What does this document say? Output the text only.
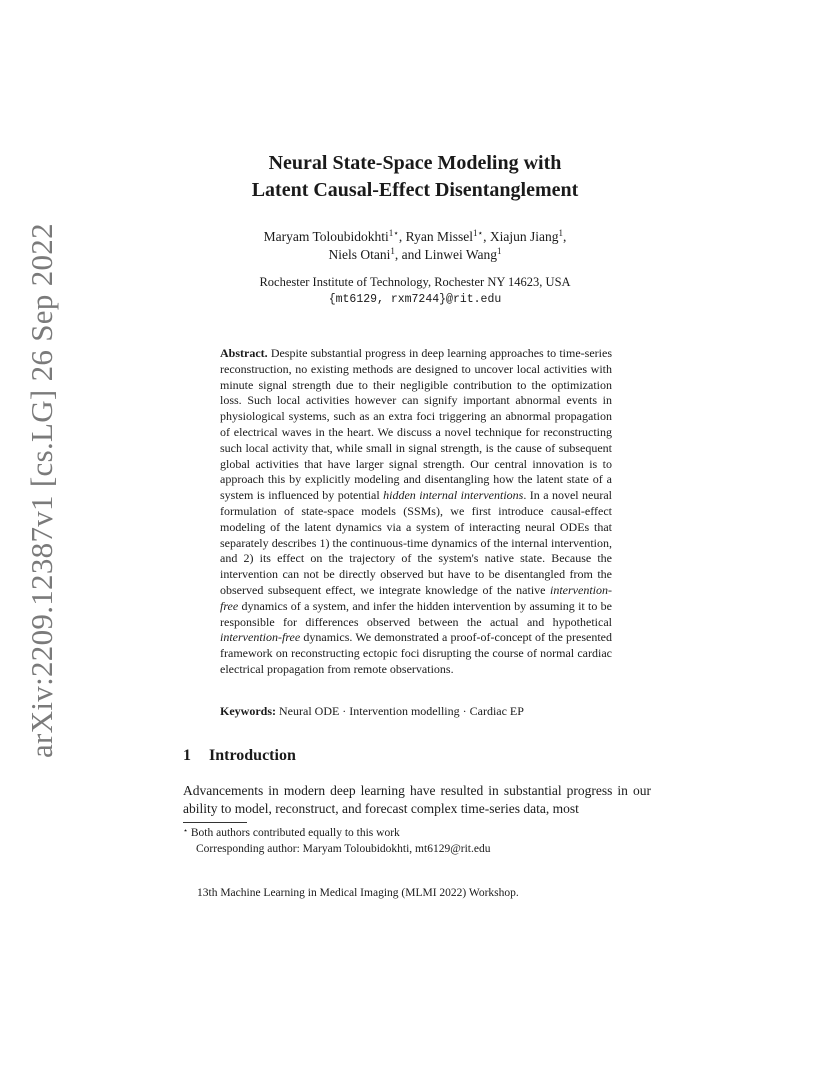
arXiv:2209.12387v1 [cs.LG] 26 Sep 2022
Neural State-Space Modeling with
Latent Causal-Effect Disentanglement
Maryam Toloubidokhti$^{1⋆}$, Ryan Missel$^{1⋆}$, Xiajun Jiang$^1$,
Niels Otani$^1$, and Linwei Wang$^1$
Rochester Institute of Technology, Rochester NY 14623, USA
{mt6129, rxm7244}@rit.edu
Abstract. Despite substantial progress in deep learning approaches to time-series reconstruction, no existing methods are designed to uncover local activities with minute signal strength due to their negligible contribution to the optimization loss. Such local activities however can signify important abnormal events in physiological systems, such as an extra foci triggering an abnormal propagation of electrical waves in the heart. We discuss a novel technique for reconstructing such local activity that, while small in signal strength, is the cause of subsequent global activities that have larger signal strength. Our central innovation is to approach this by explicitly modeling and disentangling how the latent state of a system is influenced by potential hidden internal interventions. In a novel neural formulation of state-space models (SSMs), we first introduce causal-effect modeling of the latent dynamics via a system of interacting neural ODEs that separately describes 1) the continuous-time dynamics of the internal intervention, and 2) its effect on the trajectory of the system's native state. Because the intervention can not be directly observed but have to be disentangled from the observed subsequent effect, we integrate knowledge of the native intervention-free dynamics of a system, and infer the hidden intervention by assuming it to be responsible for differences observed between the actual and hypothetical intervention-free dynamics. We demonstrated a proof-of-concept of the presented framework on reconstructing ectopic foci disrupting the course of normal cardiac electrical propagation from remote observations.
Keywords: Neural ODE · Intervention modelling · Cardiac EP
1 Introduction
Advancements in modern deep learning have resulted in substantial progress in our ability to model, reconstruct, and forecast complex time-series data, most
⋆ Both authors contributed equally to this work
Corresponding author: Maryam Toloubidokhti, mt6129@rit.edu
13th Machine Learning in Medical Imaging (MLMI 2022) Workshop.
